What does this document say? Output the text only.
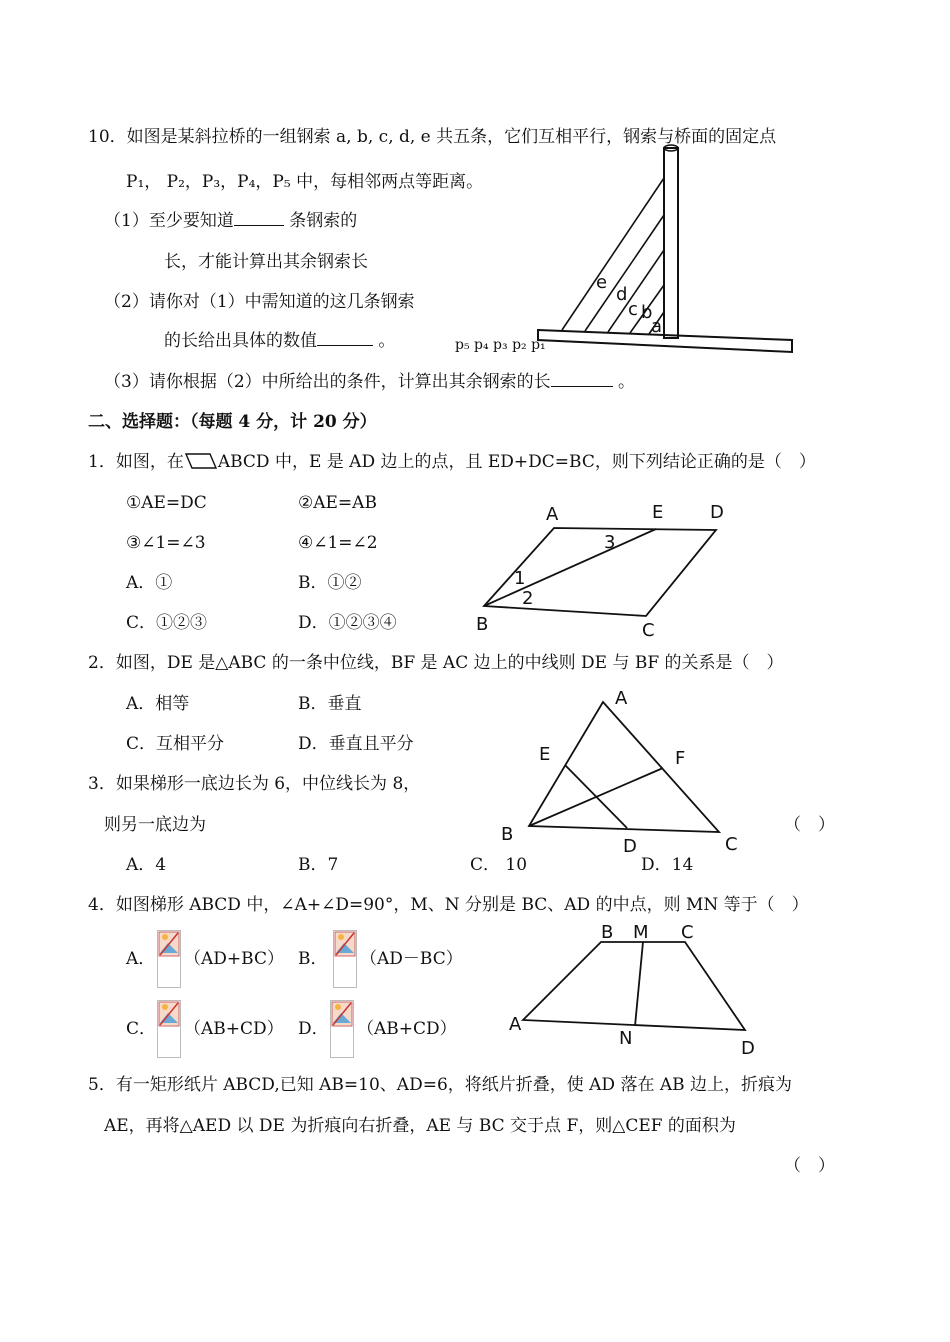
10．如图是某斜拉桥的一组钢索 a, b, c, d, e 共五条，它们互相平行，钢索与桥面的固定点
P₁， P₂，P₃，P₄，P₅ 中，每相邻两点等距离。
（1）至少要知道	条钢索的
长，才能计算出其余钢索长
（2）请你对（1）中需知道的这几条钢索
的长给出具体的数值	。	p₅ p₄ p₃ p₂ p₁
（3）请你根据（2）中所给出的条件，计算出其余钢索的长	。
e
d
c b
a
二、选择题：（每题 4 分，计 20 分）
1．如图，在 ABCD 中，E 是 AD 边上的点，且 ED+DC=BC，则下列结论正确的是（　）
①AE=DC	②AE=AB
③∠1=∠3	④∠1=∠2
A．①	B．①②
C．①②③	D．①②③④
A	E	D
B	C
1
2
3
2．如图，DE 是△ABC 的一条中位线，BF 是 AC 边上的中线则 DE 与 BF 的关系是（　）
A．相等	B．垂直
C．互相平分	D．垂直且平分
A
E	F
B
D	C
3．如果梯形一底边长为 6，中位线长为 8，
则另一底边为	（　）
A．4	B．7	C． 10	D．14
4．如图梯形 ABCD 中，∠A+∠D=90°，M、N 分别是 BC、AD 的中点，则 MN 等于（　）
A． （AD+BC） B． （AD－BC）
C． （AB+CD） D． （AB+CD）
B M C
A
N	D
5．有一矩形纸片 ABCD,已知 AB=10、AD=6，将纸片折叠，使 AD 落在 AB 边上，折痕为
AE，再将△AED 以 DE 为折痕向右折叠，AE 与 BC 交于点 F，则△CEF 的面积为
（　）
